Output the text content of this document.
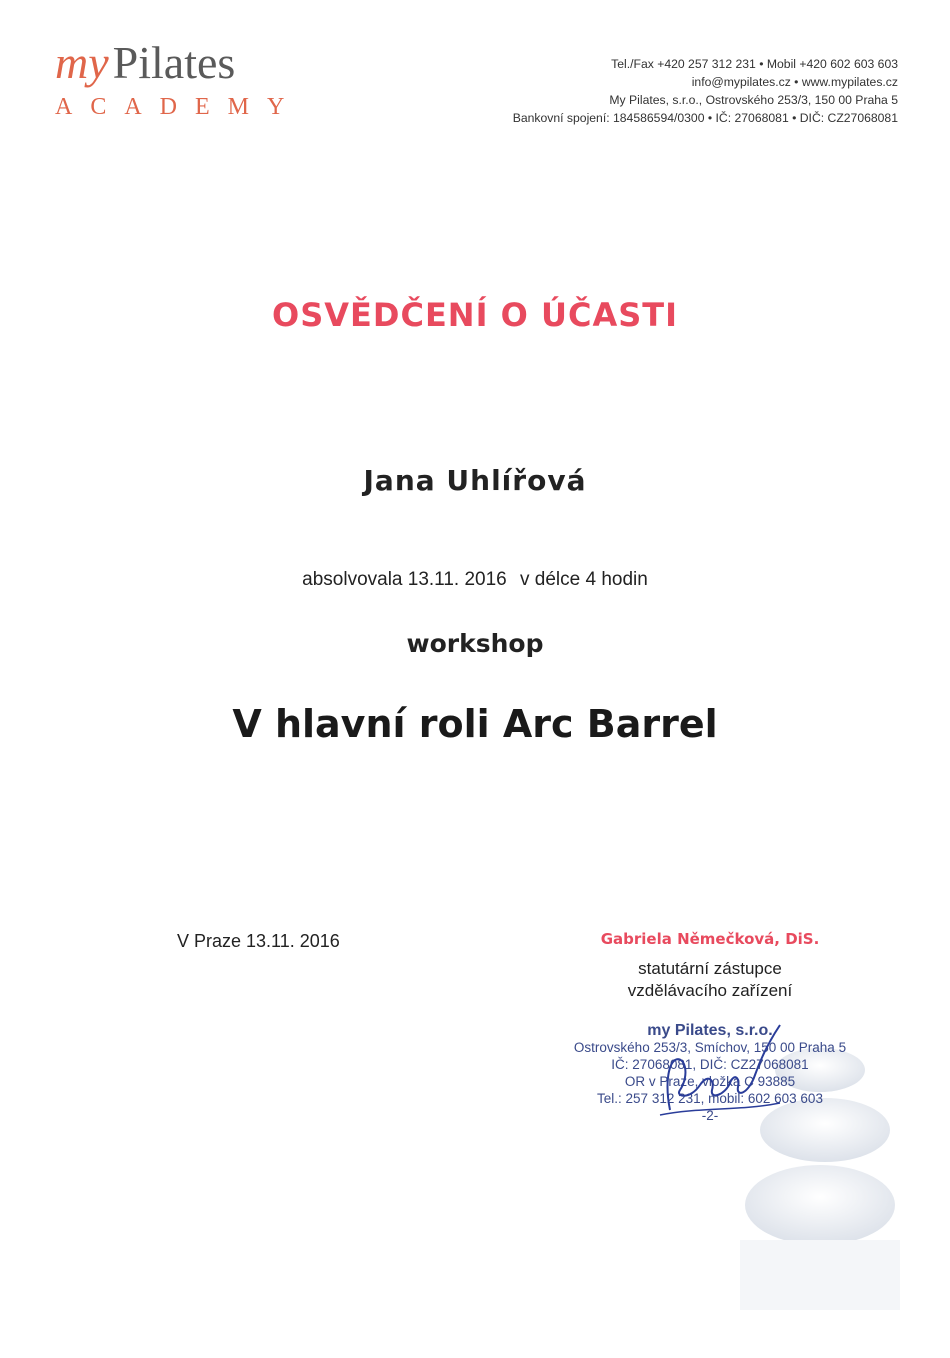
myPilates
ACADEMY
Tel./Fax +420 257 312 231 • Mobil +420 602 603 603
info@mypilates.cz • www.mypilates.cz
My Pilates, s.r.o., Ostrovského 253/3, 150 00 Praha 5
Bankovní spojení: 184586594/0300 • IČ: 27068081 • DIČ: CZ27068081
OSVĚDČENÍ O ÚČASTI
Jana Uhlířová
absolvovala 13.11. 2016 v délce 4 hodin
workshop
V hlavní roli Arc Barrel
V Praze 13.11. 2016	Gabriela Němečková, DiS.
statutární zástupce
vzdělávacího zařízení
my Pilates, s.r.o.
Ostrovského 253/3, Smíchov, 150 00 Praha 5
IČ: 27068081, DIČ: CZ27068081
OR v Praze, vložka C 93885
Tel.: 257 312 231, mobil: 602 603 603
-2-
